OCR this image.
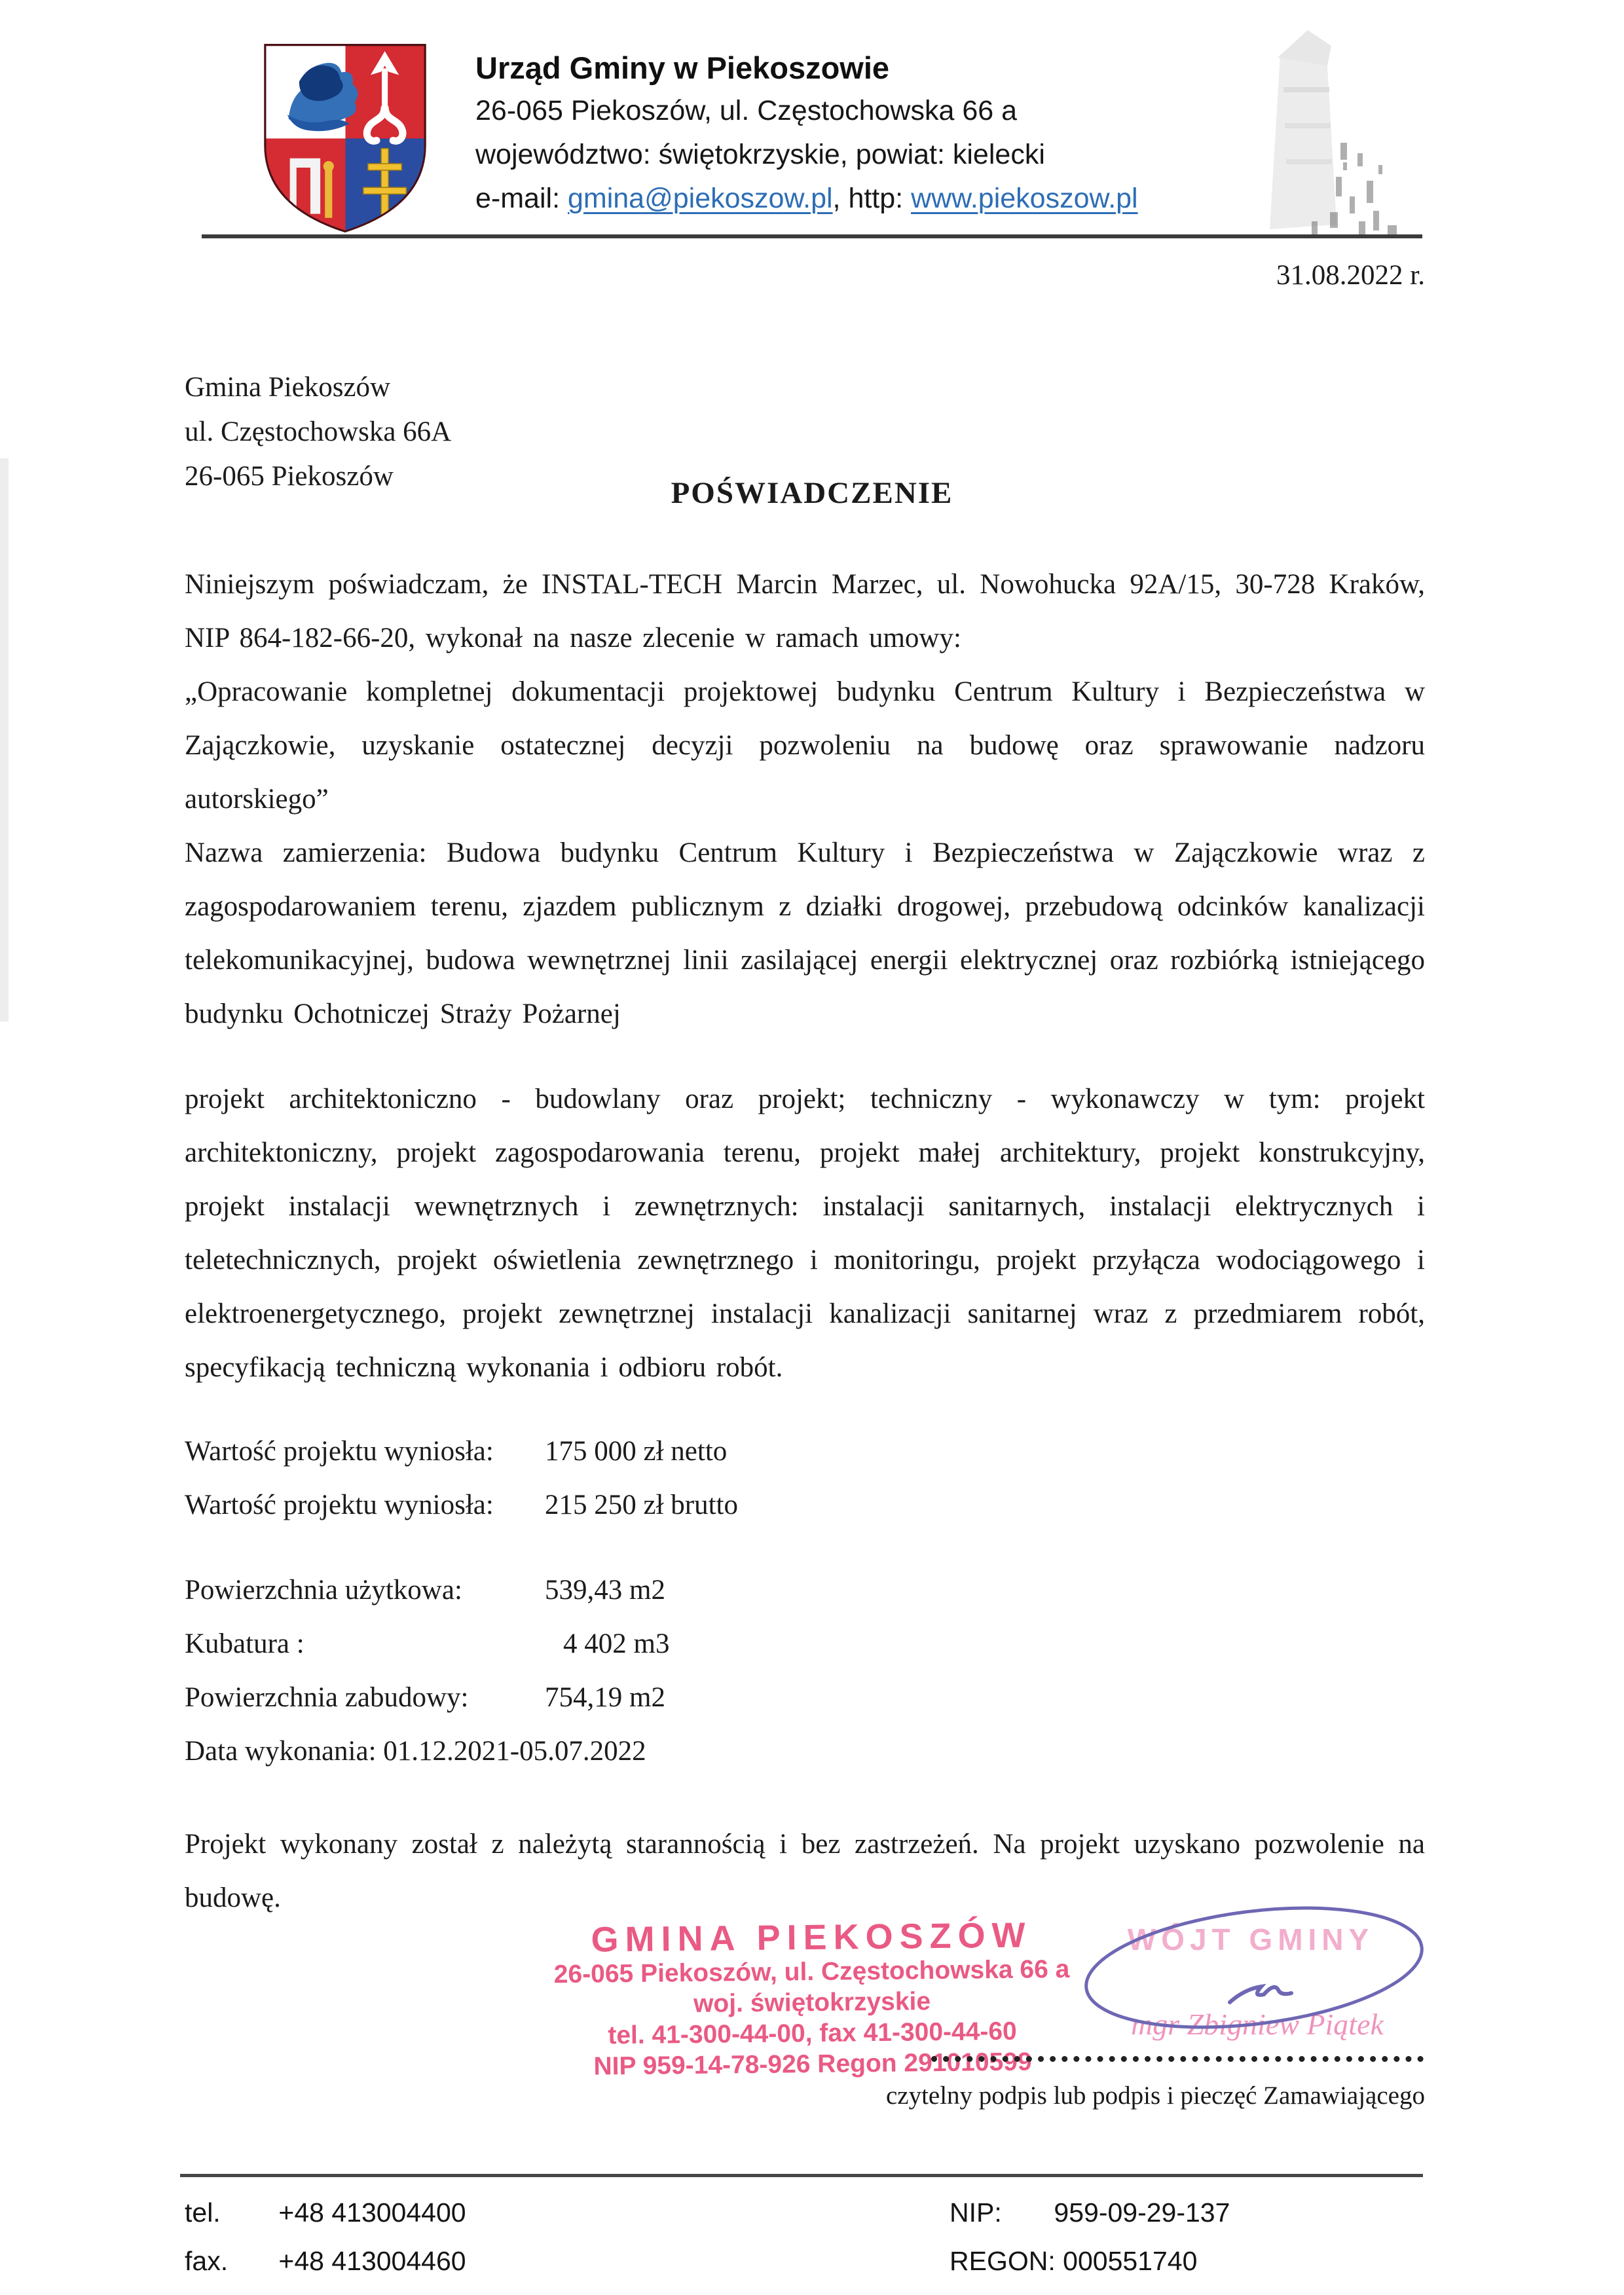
Urząd Gminy w Piekoszowie
26-065 Piekoszów, ul. Częstochowska 66 a
województwo: świętokrzyskie, powiat: kielecki
e-mail: gmina@piekoszow.pl, http: www.piekoszow.pl
31.08.2022 r.
Gmina Piekoszów
ul. Częstochowska 66A
26-065 Piekoszów	POŚWIADCZENIE

Niniejszym poświadczam, że INSTAL-TECH Marcin Marzec, ul. Nowohucka 92A/15, 30-728 Kraków, NIP 864-182-66-20, wykonał na nasze zlecenie w ramach umowy:

„Opracowanie kompletnej dokumentacji projektowej budynku Centrum Kultury i Bezpieczeństwa w Zajączkowie, uzyskanie ostatecznej decyzji pozwoleniu na budowę oraz sprawowanie nadzoru autorskiego”

Nazwa zamierzenia: Budowa budynku Centrum Kultury i Bezpieczeństwa w Zajączkowie wraz z zagospodarowaniem terenu, zjazdem publicznym z działki drogowej, przebudową odcinków kanalizacji telekomunikacyjnej, budowa wewnętrznej linii zasilającej energii elektrycznej oraz rozbiórką istniejącego budynku Ochotniczej Straży Pożarnej

projekt architektoniczno - budowlany oraz projekt; techniczny - wykonawczy w tym: projekt architektoniczny, projekt zagospodarowania terenu, projekt małej architektury, projekt konstrukcyjny, projekt instalacji wewnętrznych i zewnętrznych: instalacji sanitarnych, instalacji elektrycznych i teletechnicznych, projekt oświetlenia zewnętrznego i monitoringu, projekt przyłącza wodociągowego i elektroenergetycznego, projekt zewnętrznej instalacji kanalizacji sanitarnej wraz z przedmiarem robót, specyfikacją techniczną wykonania i odbioru robót.

Wartość projektu wyniosła:	175 000 zł netto
Wartość projektu wyniosła:	215 250 zł brutto
Powierzchnia użytkowa:	539,43 m2
Kubatura :	4 402 m3
Powierzchnia zabudowy:	754,19 m2
Data wykonania: 01.12.2021-05.07.2022

Projekt wykonany został z należytą starannością i bez zastrzeżeń. Na projekt uzyskano pozwolenie na budowę.

GMINA PIEKOSZÓW
26-065 Piekoszów, ul. Częstochowska 66 a
woj. świętokrzyskie
tel. 41-300-44-00, fax 41-300-44-60
NIP 959-14-78-926 Regon 291010599
WÓJT GMINY
mgr Zbigniew Piątek
czytelny podpis lub podpis i pieczęć Zamawiającego
tel. +48 413004400	NIP: 959-09-29-137
fax. +48 413004460	REGON: 000551740
